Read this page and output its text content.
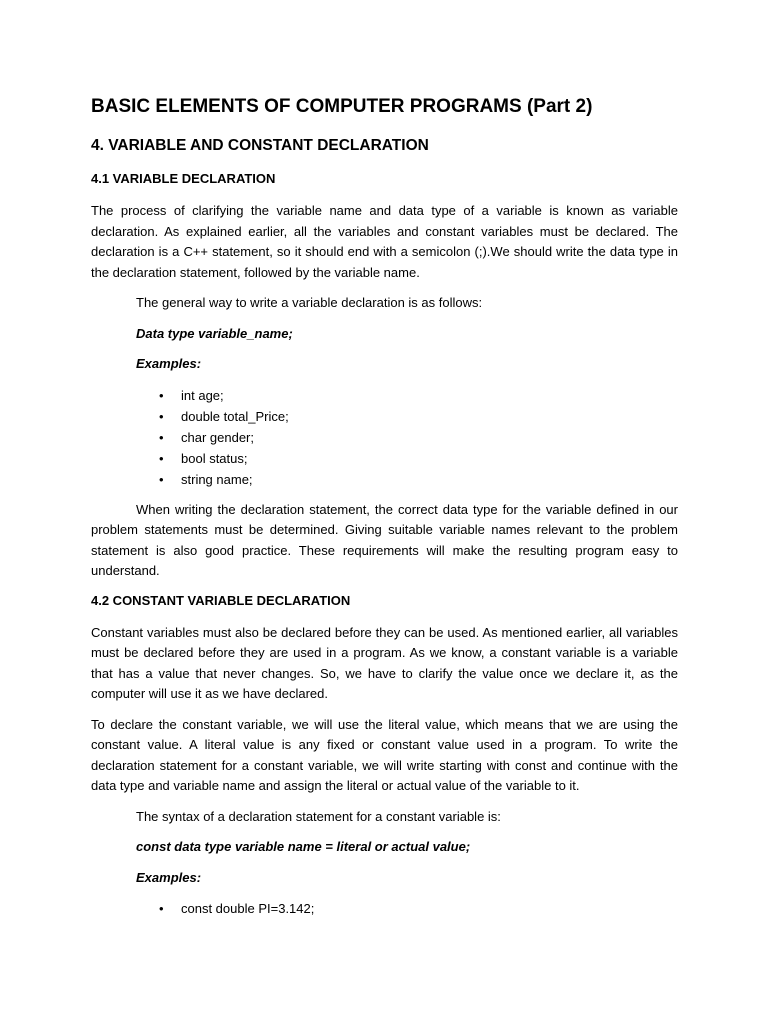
BASIC ELEMENTS OF COMPUTER PROGRAMS (Part 2)
4. VARIABLE AND CONSTANT DECLARATION
4.1 VARIABLE DECLARATION

The process of clarifying the variable name and data type of a variable is known as variable declaration. As explained earlier, all the variables and constant variables must be declared. The declaration is a C++ statement, so it should end with a semicolon (;).We should write the data type in the declaration statement, followed by the variable name.

The general way to write a variable declaration is as follows:

Data type variable_name;

Examples:

• int age;
• double total_Price;
• char gender;
• bool status;
• string name;

When writing the declaration statement, the correct data type for the variable defined in our problem statements must be determined. Giving suitable variable names relevant to the problem statement is also good practice. These requirements will make the resulting program easy to understand.

4.2 CONSTANT VARIABLE DECLARATION

Constant variables must also be declared before they can be used. As mentioned earlier, all variables must be declared before they are used in a program. As we know, a constant variable is a variable that has a value that never changes. So, we have to clarify the value once we declare it, as the computer will use it as we have declared.

To declare the constant variable, we will use the literal value, which means that we are using the constant value. A literal value is any fixed or constant value used in a program. To write the declaration statement for a constant variable, we will write starting with const and continue with the data type and variable name and assign the literal or actual value of the variable to it.

The syntax of a declaration statement for a constant variable is:

const data type variable name = literal or actual value;

Examples:

• const double PI=3.142;
